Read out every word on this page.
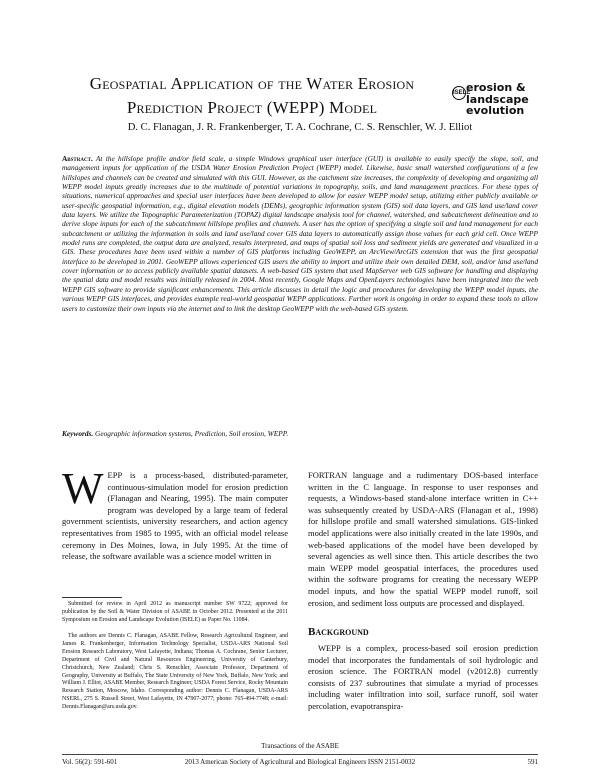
Geospatial Application of the Water Erosion
Prediction Project (WEPP) Model
ISELE
erosion &
landscape
evolution
D. C. Flanagan, J. R. Frankenberger, T. A. Cochrane, C. S. Renschler, W. J. Elliot
Abstract. At the hillslope profile and/or field scale, a simple Windows graphical user interface (GUI) is available to easily specify the slope, soil, and management inputs for application of the USDA Water Erosion Prediction Project (WEPP) model. Likewise, basic small watershed configurations of a few hillslopes and channels can be created and simulated with this GUI. However, as the catchment size increases, the complexity of developing and organizing all WEPP model inputs greatly increases due to the multitude of potential variations in topography, soils, and land management practices. For these types of situations, numerical approaches and special user interfaces have been developed to allow for easier WEPP model setup, utilizing either publicly available or user-specific geospatial information, e.g., digital elevation models (DEMs), geographic information system (GIS) soil data layers, and GIS land use/land cover data layers. We utilize the Topographic Parameterization (TOPAZ) digital landscape analysis tool for channel, watershed, and subcatchment delineation and to derive slope inputs for each of the subcatchment hillslope profiles and channels. A user has the option of specifying a single soil and land management for each subcatchment or utilizing the information in soils and land use/land cover GIS data layers to automatically assign those values for each grid cell. Once WEPP model runs are completed, the output data are analyzed, results interpreted, and maps of spatial soil loss and sediment yields are generated and visualized in a GIS. These procedures have been used within a number of GIS platforms including GeoWEPP, an ArcView/ArcGIS extension that was the first geospatial interface to be developed in 2001. GeoWEPP allows experienced GIS users the ability to import and utilize their own detailed DEM, soil, and/or land use/land cover information or to access publicly available spatial datasets. A web-based GIS system that used MapServer web GIS software for handling and displaying the spatial data and model results was initially released in 2004. Most recently, Google Maps and OpenLayers technologies have been integrated into the web WEPP GIS software to provide significant enhancements. This article discusses in detail the logic and procedures for developing the WEPP model inputs, the various WEPP GIS interfaces, and provides example real-world geospatial WEPP applications. Further work is ongoing in order to expand these tools to allow users to customize their own inputs via the internet and to link the desktop GeoWEPP with the web-based GIS system.
Keywords. Geographic information systems, Prediction, Soil erosion, WEPP.
WEPP is a process-based, distributed-parameter, continuous-simulation model for erosion prediction (Flanagan and Nearing, 1995). The main computer program was developed by a large team of federal government scientists, university researchers, and action agency representatives from 1985 to 1995, with an official model release ceremony in Des Moines, Iowa, in July 1995. At the time of release, the software available was a science model written in
FORTRAN language and a rudimentary DOS-based interface written in the C language. In response to user responses and requests, a Windows-based stand-alone interface written in C++ was subsequently created by USDA-ARS (Flanagan et al., 1998) for hillslope profile and small watershed simulations. GIS-linked model applications were also initially created in the late 1990s, and web-based applications of the model have been developed by several agencies as well since then. This article describes the two main WEPP model geospatial interfaces, the procedures used within the software programs for creating the necessary WEPP model inputs, and how the spatial WEPP model runoff, soil erosion, and sediment loss outputs are processed and displayed.
Background
WEPP is a complex, process-based soil erosion prediction model that incorporates the fundamentals of soil hydrologic and erosion science. The FORTRAN model (v2012.8) currently consists of 237 subroutines that simulate a myriad of processes including water infiltration into soil, surface runoff, soil water percolation, evapotranspira-
Submitted for review in April 2012 as manuscript number SW 9722; approved for publication by the Soil & Water Division of ASABE in October 2012. Presented at the 2011 Symposium on Erosion and Landscape Evolution (ISELE) as Paper No. 11084.
The authors are Dennis C. Flanagan, ASABE Fellow, Research Agricultural Engineer, and James R. Frankenberger, Information Technology Specialist, USDA-ARS National Soil Erosion Research Laboratory, West Lafayette, Indiana; Thomas A. Cochrane, Senior Lecturer, Department of Civil and Natural Resources Engineering, University of Canterbury, Christchurch, New Zealand; Chris S. Renschler, Associate Professor, Department of Geography, University at Buffalo, The State University of New York, Buffalo, New York; and William J. Elliot, ASABE Member, Research Engineer, USDA Forest Service, Rocky Mountain Research Station, Moscow, Idaho. Corresponding author: Dennis C. Flanagan, USDA-ARS NSERL, 275 S. Russell Street, West Lafayette, IN 47907-2077; phone: 765-494-7748; e-mail: Dennis.Flanagan@ars.usda.gov.
Transactions of the ASABE
Vol. 56(2): 591-601	2013 American Society of Agricultural and Biological Engineers ISSN 2151-0032	591
